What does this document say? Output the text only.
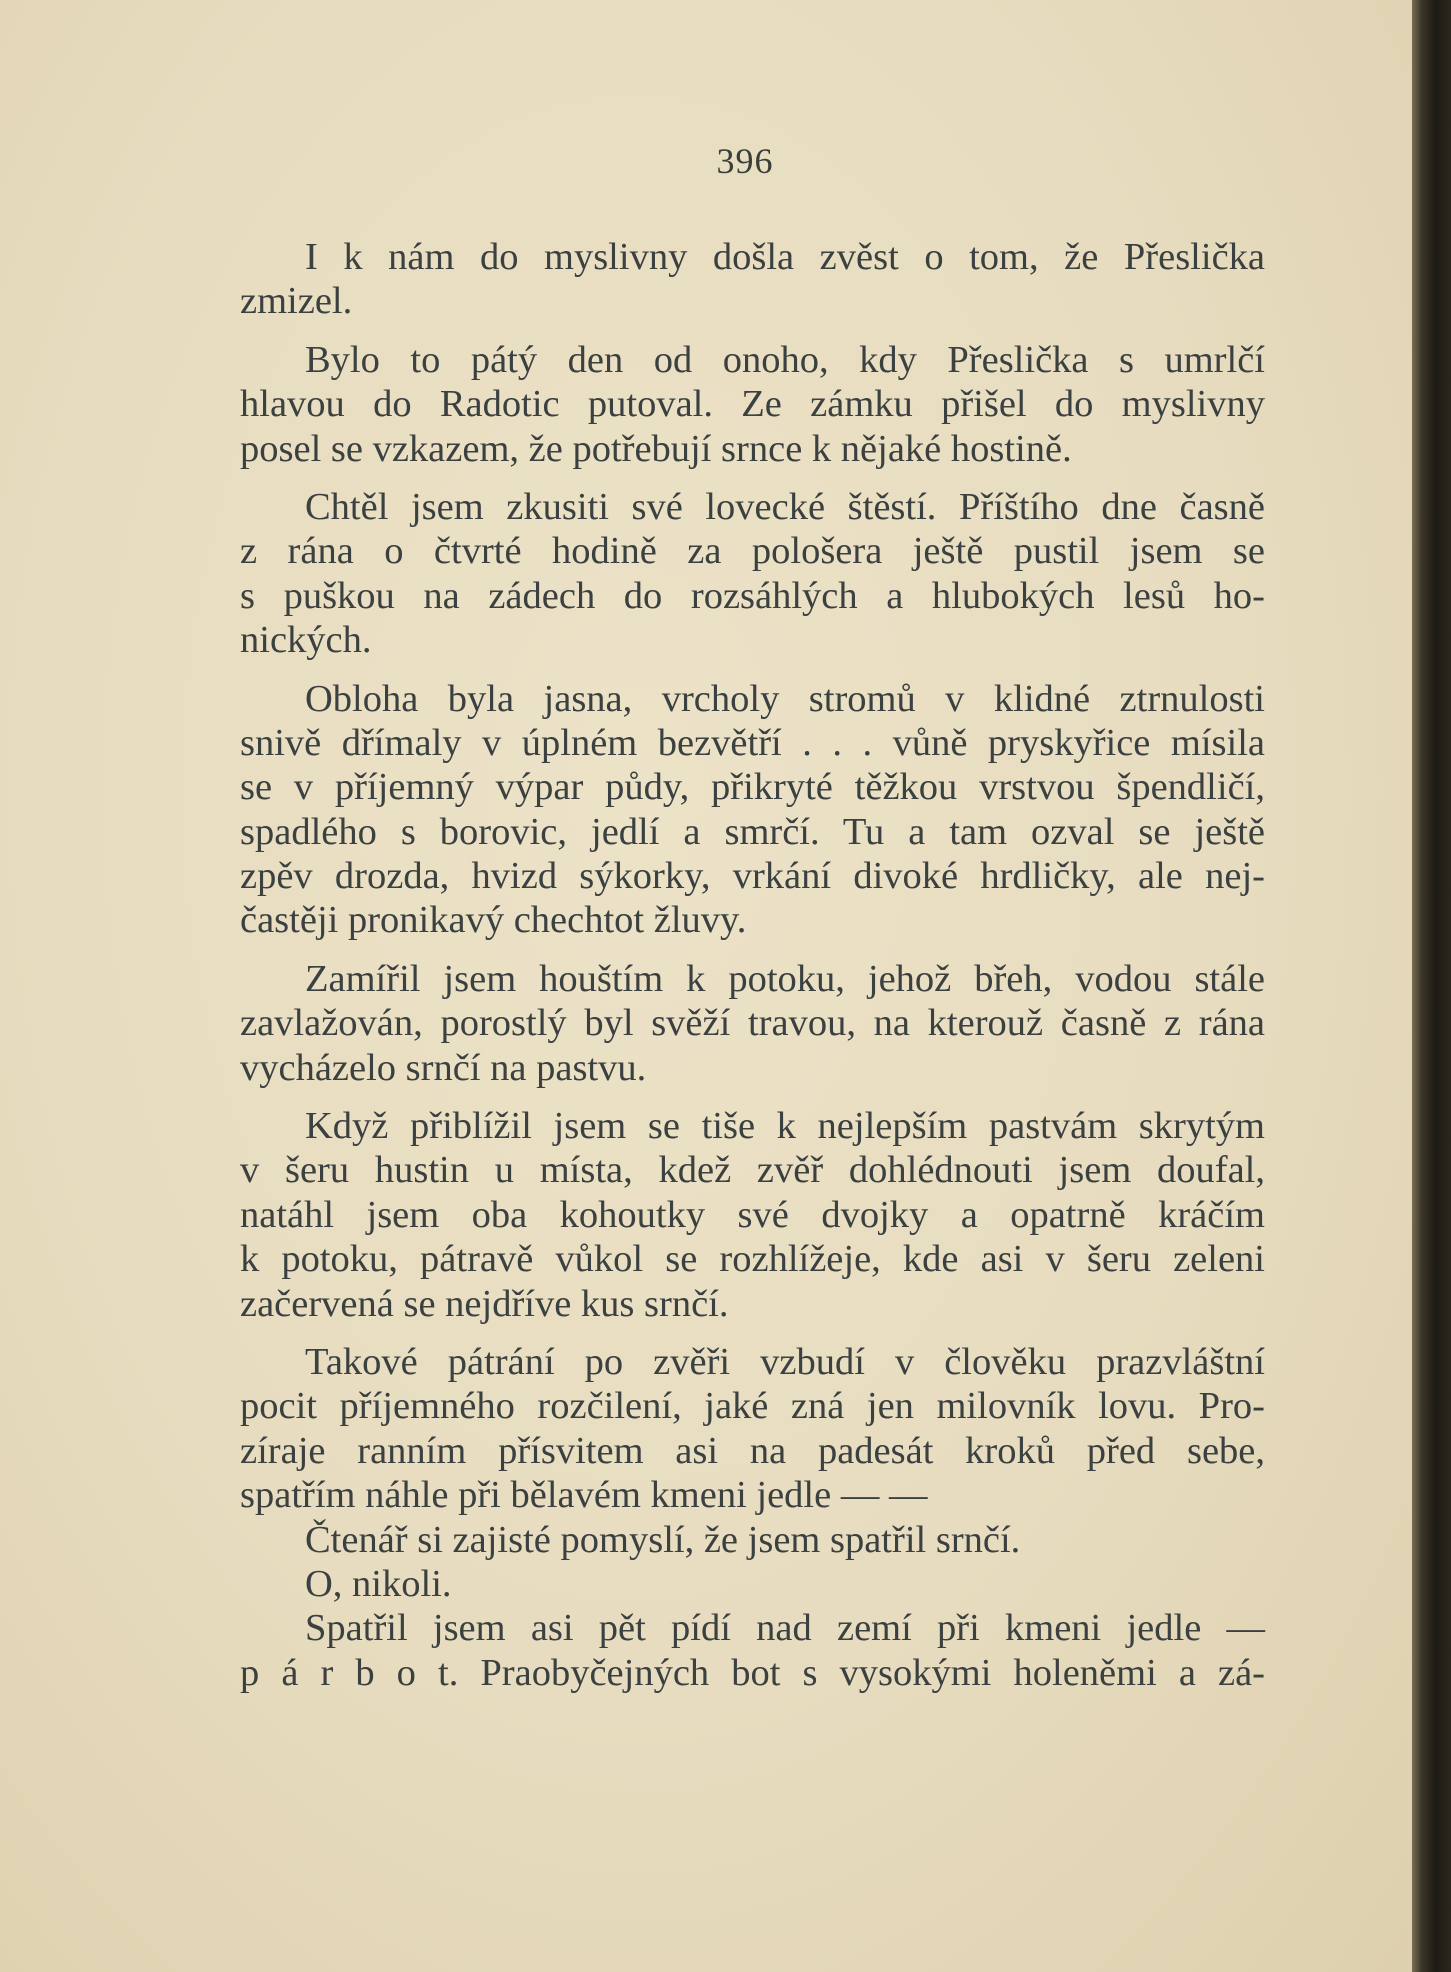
396
I k nám do myslivny došla zvěst o tom, že Přeslička
zmizel.
Bylo to pátý den od onoho, kdy Přeslička s umrlčí
hlavou do Radotic putoval. Ze zámku přišel do myslivny
posel se vzkazem, že potřebují srnce k nějaké hostině.
Chtěl jsem zkusiti své lovecké štěstí. Příštího dne časně
z rána o čtvrté hodině za pološera ještě pustil jsem se
s puškou na zádech do rozsáhlých a hlubokých lesů ho-
nických.
Obloha byla jasna, vrcholy stromů v klidné ztrnulosti
snivě dřímaly v úplném bezvětří . . . vůně pryskyřice mísila
se v příjemný výpar půdy, přikryté těžkou vrstvou špendličí,
spadlého s borovic, jedlí a smrčí. Tu a tam ozval se ještě
zpěv drozda, hvizd sýkorky, vrkání divoké hrdličky, ale nej-
častěji pronikavý chechtot žluvy.
Zamířil jsem houštím k potoku, jehož břeh, vodou stále
zavlažován, porostlý byl svěží travou, na kterouž časně z rána
vycházelo srnčí na pastvu.
Když přiblížil jsem se tiše k nejlepším pastvám skrytým
v šeru hustin u místa, kdež zvěř dohlédnouti jsem doufal,
natáhl jsem oba kohoutky své dvojky a opatrně kráčím
k potoku, pátravě vůkol se rozhlížeje, kde asi v šeru zeleni
začervená se nejdříve kus srnčí.
Takové pátrání po zvěři vzbudí v člověku prazvláštní
pocit příjemného rozčilení, jaké zná jen milovník lovu. Pro-
zíraje ranním přísvitem asi na padesát kroků před sebe,
spatřím náhle při bělavém kmeni jedle — —
Čtenář si zajisté pomyslí, že jsem spatřil srnčí.
O, nikoli.
Spatřil jsem asi pět pídí nad zemí při kmeni jedle —
p á r b o t. Praobyčejných bot s vysokými holeněmi a zá-
